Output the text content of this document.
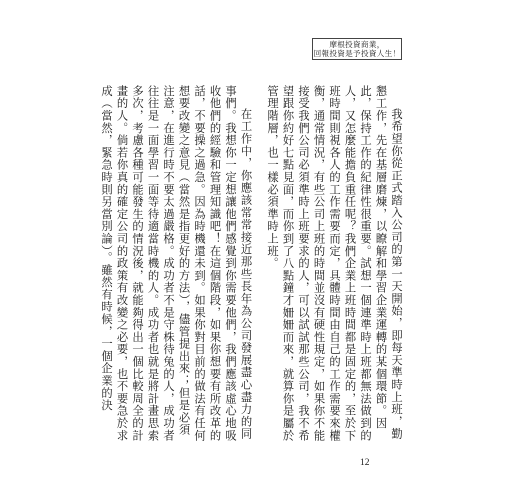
摩根投資商業，
回報投資是予投資人生！

我希望你從正式踏入公司的第一天開始，即每天準時上班，勤懇工作，先在基層磨煉，以瞭解和學習企業運轉的某個環節。因此，保持工作的紀律性很重要。試想一個連準時上班都無法做到的人，又怎麼能擔負重任呢？我們企業上班時間都是固定的，至於下班時間則視各人的工作需要而定，具體時間由自己的工作需要來權衡，通常情況，有些公司上班的時間並沒有硬性規定，如果你不能接受我們公司必須準時上班要求的人，可以試試那些公司，我不希望跟你約好七點見面，而你到了八點鐘才姍姍而來，就算你是屬於管理階層，也一樣必須準時上班。

在工作中，你應該常常接近那些長年為公司發展盡心盡力的同事們。我想你一定想讓他們感覺到你需要他們，我們應該虛心地吸收他們的經驗和管理知識吧！在這個階段，如果你想要有所改革的話，不要操之過急。因為時機還未到。如果你對目前的做法有任何想要改變之意見（當然是指更好的方法），儘管提出來；但是必須注意，在進行時不要太過嚴格。成功者不是守株待兔的人，成功者往往是一面學習一面等待適當時機的人。成功者也就是將計畫思索多次，考慮各種可能發生的情況後，就能夠得出一個比較周全的計畫的人。倘若你真的確定公司的政策有改變之必要，也不要急於求成（當然，緊急時則另當別論）。雖然有時候，一個企業的決

12
